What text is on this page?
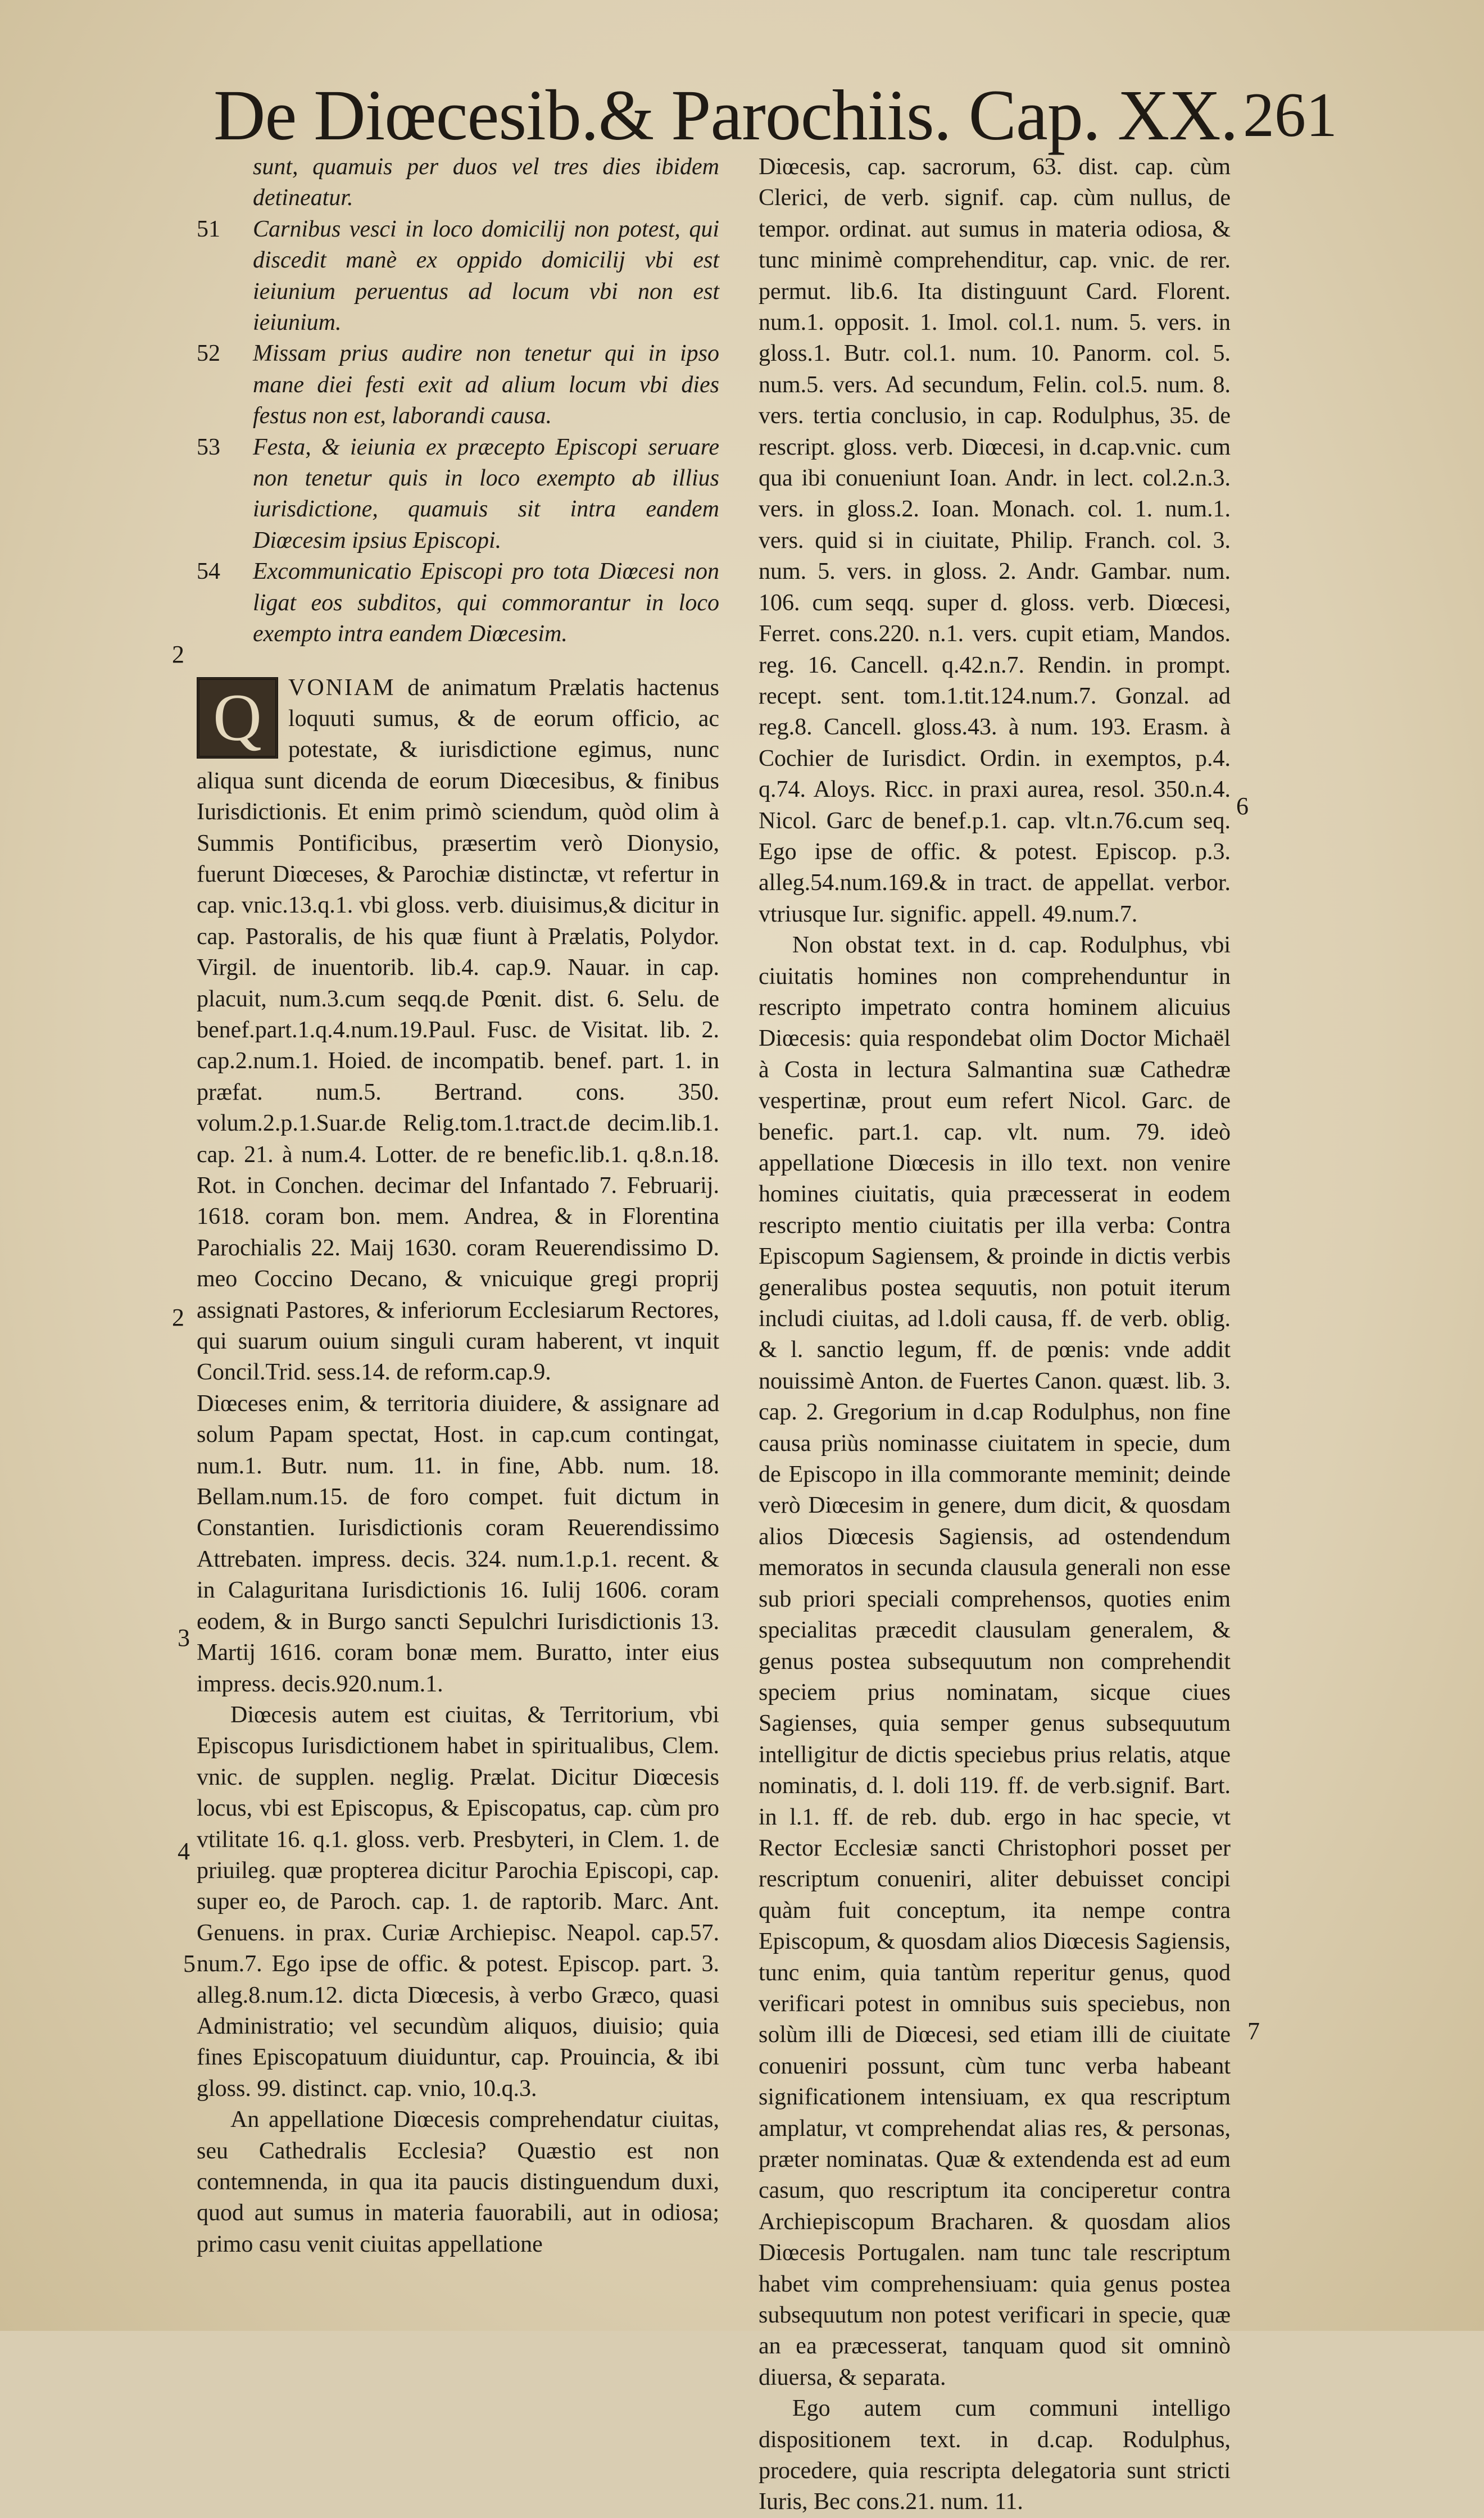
De Diœcesib.& Parochiis. Cap. XX. 261
sunt, quamuis per duos vel tres dies ibidem detineatur.
51 Carnibus vesci in loco domicilij non potest, qui discedit manè ex oppido domicilij vbi est ieiunium peruentus ad locum vbi non est ieiunium.
52 Missam prius audire non tenetur qui in ipso mane diei festi exit ad alium locum vbi dies festus non est, laborandi causa.
53 Festa, & ieiunia ex præcepto Episcopi seruare non tenetur quis in loco exempto ab illius iurisdictione, quamuis sit intra eandem Diœcesim ipsius Episcopi.
54 Excommunicatio Episcopi pro tota Diœcesi non ligat eos subditos, qui commorantur in loco exempto intra eandem Diœcesim.

Q	VONIAM de animatum Prælatis hactenus loquuti sumus, & de eorum officio, ac potestate, & iurisdictione egimus, nunc aliqua sunt dicenda de eorum Diœcesibus, & finibus Iurisdictionis. Et enim primò sciendum, quòd olim à Summis Pontificibus, præsertim verò Dionysio, fuerunt Diœceses, & Parochiæ distinctæ, vt refertur in cap. vnic.13.q.1. vbi gloss. verb. diuisimus,& dicitur in cap. Pastoralis, de his quæ fiunt à Prælatis, Polydor. Virgil. de inuentorib. lib.4. cap.9. Nauar. in cap. placuit, num.3.cum seqq.de Pœnit. dist. 6. Selu. de benef.part.1.q.4.num.19.Paul. Fusc. de Visitat. lib. 2. cap.2.num.1. Hoied. de incompatib. benef. part. 1. in præfat. num.5. Bertrand. cons. 350. volum.2.p.1.Suar.de Relig.tom.1.tract.de decim.lib.1. cap. 21. à num.4. Lotter. de re benefic.lib.1. q.8.n.18. Rot. in Conchen. decimar del Infantado 7. Februarij. 1618. coram bon. mem. Andrea, & in Florentina Parochialis 22. Maij 1630. coram Reuerendissimo D. meo Coccino Decano, & vnicuique gregi proprij assignati Pastores, & inferiorum Ecclesiarum Rectores, qui suarum ouium singuli curam haberent, vt inquit Concil.Trid. sess.14. de reform.cap.9.

Diœceses enim, & territoria diuidere, & assignare ad solum Papam spectat, Host. in cap.cum contingat, num.1. Butr. num. 11. in fine, Abb. num. 18. Bellam.num.15. de foro compet. fuit dictum in Constantien. Iurisdictionis coram Reuerendissimo Attrebaten. impress. decis. 324. num.1.p.1. recent. & in Calaguritana Iurisdictionis 16. Iulij 1606. coram eodem, & in Burgo sancti Sepulchri Iurisdictionis 13. Martij 1616. coram bonæ mem. Buratto, inter eius impress. decis.920.num.1.

Diœcesis autem est ciuitas, & Territorium, vbi Episcopus Iurisdictionem habet in spiritualibus, Clem. vnic. de supplen. neglig. Prælat. Dicitur Diœcesis locus, vbi est Episcopus, & Episcopatus, cap. cùm pro vtilitate 16. q.1. gloss. verb. Presbyteri, in Clem. 1. de priuileg. quæ propterea dicitur Parochia Episcopi, cap. super eo, de Paroch. cap. 1. de raptorib. Marc. Ant. Genuens. in prax. Curiæ Archiepisc. Neapol. cap.57. num.7. Ego ipse de offic. & potest. Episcop. part. 3. alleg.8.num.12. dicta Diœcesis, à verbo Græco, quasi Administratio; vel secundùm aliquos, diuisio; quia fines Episcopatuum diuiduntur, cap. Prouincia, & ibi gloss. 99. distinct. cap. vnio, 10.q.3.

An appellatione Diœcesis comprehendatur ciuitas, seu Cathedralis Ecclesia? Quæstio est non contemnenda, in qua ita paucis distinguendum duxi, quod aut sumus in materia fauorabili, aut in odiosa; primo casu venit ciuitas appellatione

Diœcesis, cap. sacrorum, 63. dist. cap. cùm Clerici, de verb. signif. cap. cùm nullus, de tempor. ordinat. aut sumus in materia odiosa, & tunc minimè comprehenditur, cap. vnic. de rer. permut. lib.6. Ita distinguunt Card. Florent. num.1. opposit. 1. Imol. col.1. num. 5. vers. in gloss.1. Butr. col.1. num. 10. Panorm. col. 5. num.5. vers. Ad secundum, Felin. col.5. num. 8. vers. tertia conclusio, in cap. Rodulphus, 35. de rescript. gloss. verb. Diœcesi, in d.cap.vnic. cum qua ibi conueniunt Ioan. Andr. in lect. col.2.n.3. vers. in gloss.2. Ioan. Monach. col. 1. num.1. vers. quid si in ciuitate, Philip. Franch. col. 3. num. 5. vers. in gloss. 2. Andr. Gambar. num. 106. cum seqq. super d. gloss. verb. Diœcesi, Ferret. cons.220. n.1. vers. cupit etiam, Mandos. reg. 16. Cancell. q.42.n.7. Rendin. in prompt. recept. sent. tom.1.tit.124.num.7. Gonzal. ad reg.8. Cancell. gloss.43. à num. 193. Erasm. à Cochier de Iurisdict. Ordin. in exemptos, p.4. q.74. Aloys. Ricc. in praxi aurea, resol. 350.n.4. Nicol. Garc de benef.p.1. cap. vlt.n.76.cum seq. Ego ipse de offic. & potest. Episcop. p.3. alleg.54.num.169.& in tract. de appellat. verbor. vtriusque Iur. signific. appell. 49.num.7.

Non obstat text. in d. cap. Rodulphus, vbi ciuitatis homines non comprehenduntur in rescripto impetrato contra hominem alicuius Diœcesis: quia respondebat olim Doctor Michaël à Costa in lectura Salmantina suæ Cathedræ vespertinæ, prout eum refert Nicol. Garc. de benefic. part.1. cap. vlt. num. 79. ideò appellatione Diœcesis in illo text. non venire homines ciuitatis, quia præcesserat in eodem rescripto mentio ciuitatis per illa verba: Contra Episcopum Sagiensem, & proinde in dictis verbis generalibus postea sequutis, non potuit iterum includi ciuitas, ad l.doli causa, ff. de verb. oblig. & l. sanctio legum, ff. de pœnis: vnde addit nouissimè Anton. de Fuertes Canon. quæst. lib. 3. cap. 2. Gregorium in d.cap Rodulphus, non fine causa priùs nominasse ciuitatem in specie, dum de Episcopo in illa commorante meminit; deinde verò Diœcesim in genere, dum dicit, & quosdam alios Diœcesis Sagiensis, ad ostendendum memoratos in secunda clausula generali non esse sub priori speciali comprehensos, quoties enim specialitas præcedit clausulam generalem, & genus postea subsequutum non comprehendit speciem prius nominatam, sicque ciues Sagienses, quia semper genus subsequutum intelligitur de dictis speciebus prius relatis, atque nominatis, d. l. doli 119. ff. de verb.signif. Bart. in l.1. ff. de reb. dub. ergo in hac specie, vt Rector Ecclesiæ sancti Christophori posset per rescriptum conueniri, aliter debuisset concipi quàm fuit conceptum, ita nempe contra Episcopum, & quosdam alios Diœcesis Sagiensis, tunc enim, quia tantùm reperitur genus, quod verificari potest in omnibus suis speciebus, non solùm illi de Diœcesi, sed etiam illi de ciuitate conueniri possunt, cùm tunc verba habeant significationem intensiuam, ex qua rescriptum amplatur, vt comprehendat alias res, & personas, præter nominatas. Quæ & extendenda est ad eum casum, quo rescriptum ita conciperetur contra Archiepiscopum Bracharen. & quosdam alios Diœcesis Portugalen. nam tunc tale rescriptum habet vim comprehensiuam: quia genus postea subsequutum non potest verificari in specie, quæ an ea præcesserat, tanquam quod sit omninò diuersa, & separata.

Ego autem cum communi intelligo dispositionem text. in d.cap. Rodulphus, procedere, quia rescripta delegatoria sunt stricti Iuris, Bec cons.21. num. 11.

2
2
3
4
5
6
7
